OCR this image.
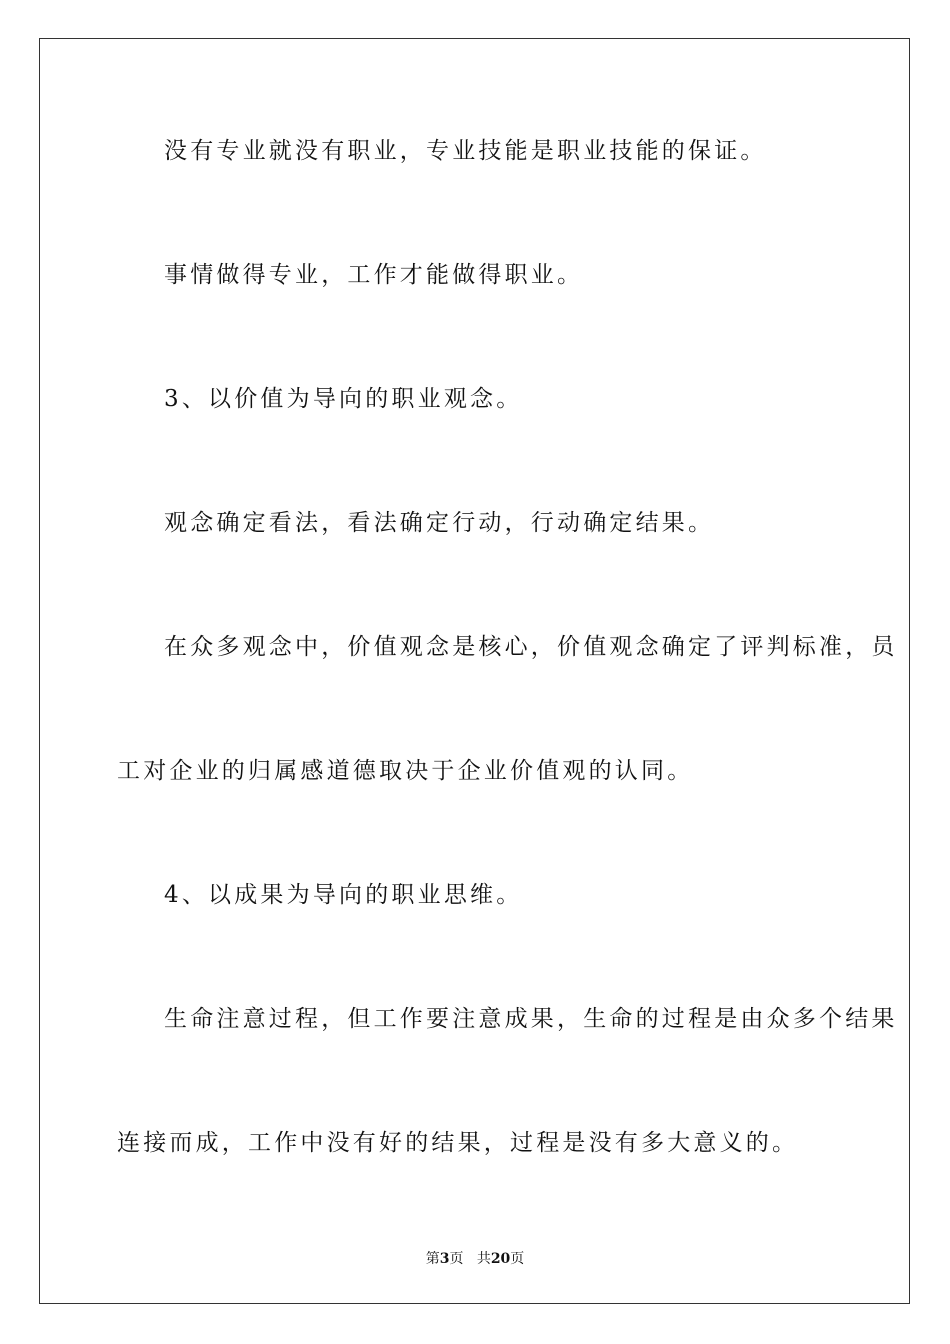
没有专业就没有职业，专业技能是职业技能的保证。
事情做得专业，工作才能做得职业。
3、以价值为导向的职业观念。
观念确定看法，看法确定行动，行动确定结果。
在众多观念中，价值观念是核心，价值观念确定了评判标准，员
工对企业的归属感道德取决于企业价值观的认同。
4、以成果为导向的职业思维。
生命注意过程，但工作要注意成果，生命的过程是由众多个结果
连接而成，工作中没有好的结果，过程是没有多大意义的。
第3页 共20页
